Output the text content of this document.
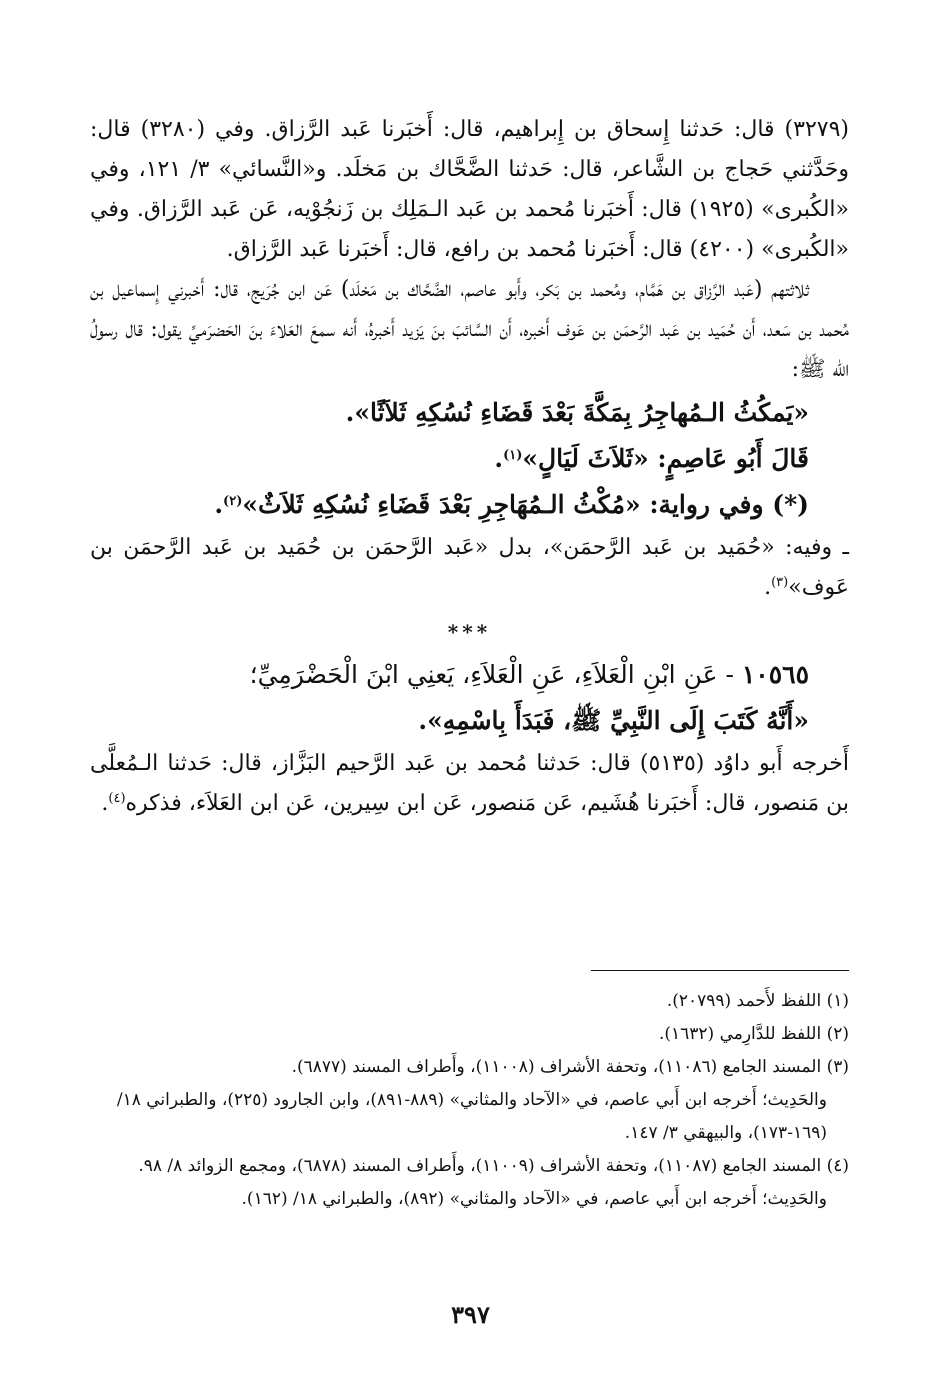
(٣٢٧٩) قال: حَدثنا إِسحاق بن إِبراهيم، قال: أَخبَرنا عَبد الرَّزاق. وفي (٣٢٨٠) قال: وحَدَّثني حَجاج بن الشَّاعر، قال: حَدثنا الضَّحَّاك بن مَخلَد. و«النَّسائي» ٣/ ١٢١، وفي «الكُبرى» (١٩٢٥) قال: أَخبَرنا مُحمد بن عَبد الـمَلِك بن زَنجُوْيه، عَن عَبد الرَّزاق. وفي «الكُبرى» (٤٢٠٠) قال: أَخبَرنا مُحمد بن رافع، قال: أَخبَرنا عَبد الرَّزاق.

ثلاثتهم (عَبد الرَّزاق بن هَمَّام، ومُحمد بن بَكر، وأَبو عاصم، الضَّحَّاك بن مَخلَد) عَن ابن جُرَيج، قال: أَخبرني إِسماعيل بن مُحمد بن سَعد، أَن حُمَيد بن عَبد الرَّحمَن بن عَوف أَخبره، أَن السَّائبَ بنَ يَزيد أَخبرهُ، أَنه سمعَ العَلاءَ بنَ الحَضرَميِّ يقول: قال رسولُ الله ﷺ:

«يَمكُثُ الـمُهاجِرُ بِمَكَّةَ بَعْدَ قَضَاءِ نُسُكِهِ ثَلاَثًا».

قَالَ أَبُو عَاصِمٍ: «ثَلاَثَ لَيَالٍ»$^{(١)}$.

(*) وفي رواية: «مُكْثُ الـمُهَاجِرِ بَعْدَ قَضَاءِ نُسُكِهِ ثَلاَثٌ»$^{(٢)}$.

ـ وفيه: «حُمَيد بن عَبد الرَّحمَن»، بدل «عَبد الرَّحمَن بن حُمَيد بن عَبد الرَّحمَن بن عَوف»$^{(٣)}$.

***

١٠٥٦٥ - عَنِ ابْنِ الْعَلاَءِ، عَنِ الْعَلاَءِ، يَعنِي ابْنَ الْحَضْرَمِيِّ؛

«أَنَّهُ كَتَبَ إِلَى النَّبِيِّ ﷺ، فَبَدَأَ بِاسْمِهِ».

أَخرجه أَبو داوُد (٥١٣٥) قال: حَدثنا مُحمد بن عَبد الرَّحيم البَزَّاز، قال: حَدثنا الـمُعلَّى بن مَنصور، قال: أَخبَرنا هُشَيم، عَن مَنصور، عَن ابن سِيرين، عَن ابن العَلاَء، فذكره$^{(٤)}$.

(١) اللفظ لأَحمد (٢٠٧٩٩).

(٢) اللفظ للدَّارِمي (١٦٣٢).

(٣) المسند الجامع (١١٠٨٦)، وتحفة الأشراف (١١٠٠٨)، وأَطراف المسند (٦٨٧٧).

والحَدِيث؛ أَخرجه ابن أَبي عاصم، في «الآحاد والمثاني» (٨٨٩-٨٩١)، وابن الجارود (٢٢٥)، والطبراني ١٨/ (١٦٩-١٧٣)، والبيهقي ٣/ ١٤٧.

(٤) المسند الجامع (١١٠٨٧)، وتحفة الأشراف (١١٠٠٩)، وأَطراف المسند (٦٨٧٨)، ومجمع الزوائد ٨/ ٩٨.

والحَدِيث؛ أَخرجه ابن أَبي عاصم، في «الآحاد والمثاني» (٨٩٢)، والطبراني ١٨/ (١٦٢).

٣٩٧
